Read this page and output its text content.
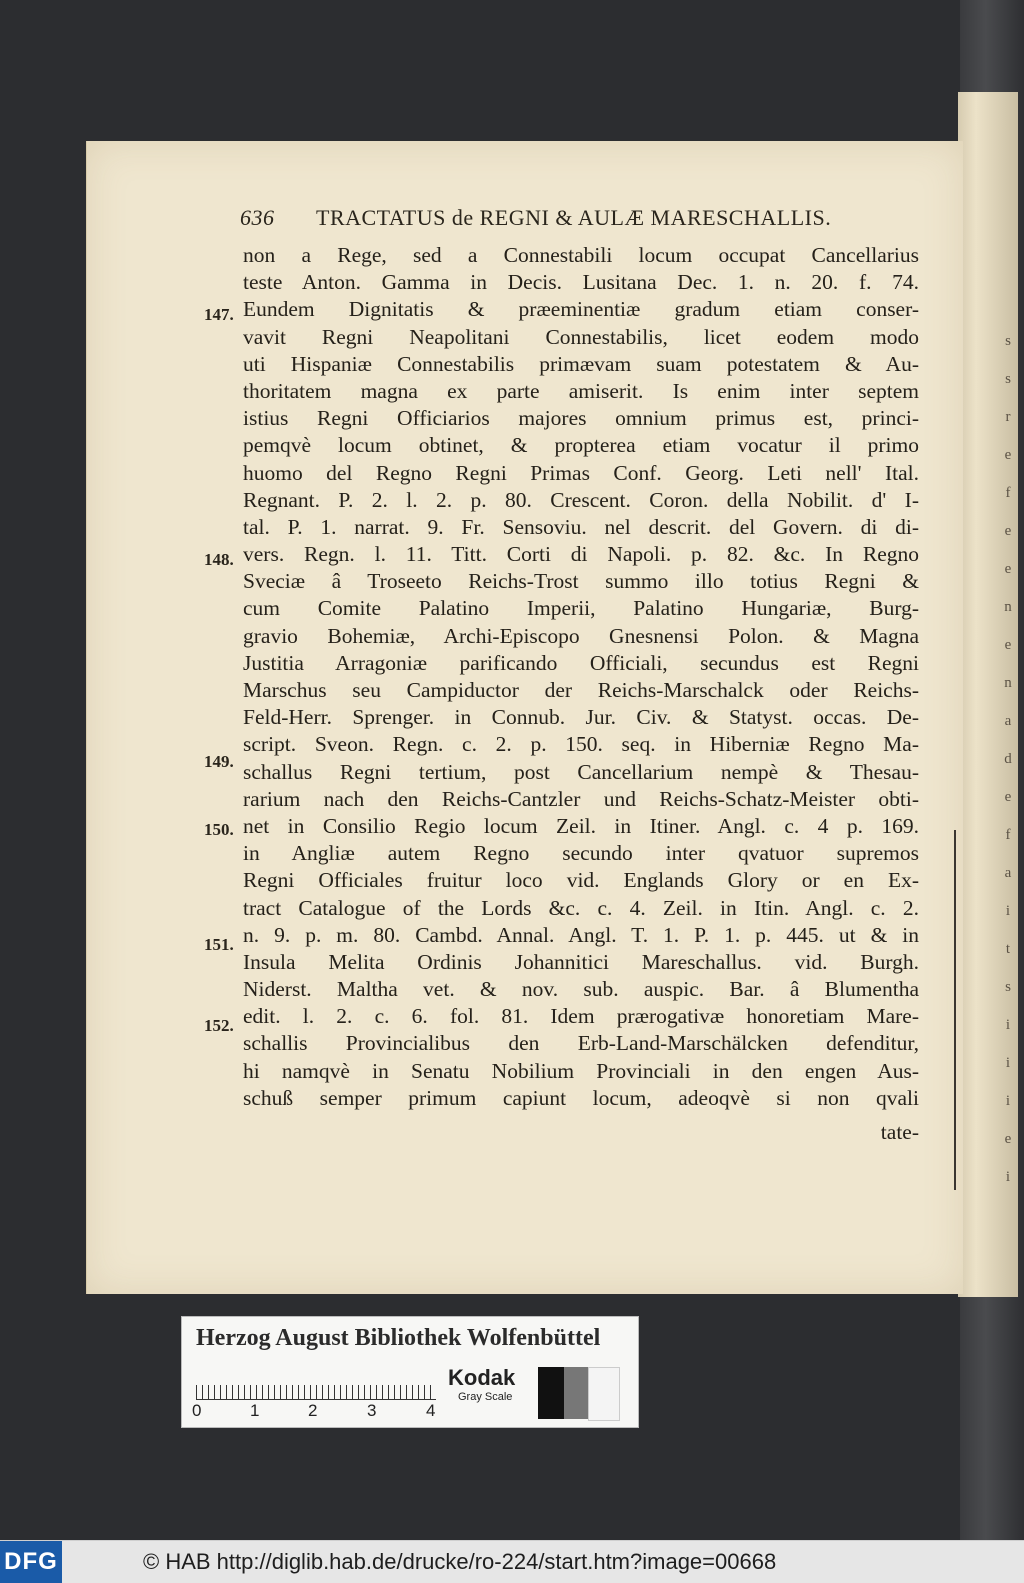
s
s
r
e
f
e
e
n
e
n
a
d
e
f
a
i
t
s
i
i
i
e
i
636 TRACTATUS de REGNI & AULÆ MARESCHALLIS.
147.
148.
149.
150.
151.
152.
non a Rege, sed a Connestabili locum occupat Cancellarius
teste Anton. Gamma in Decis. Lusitana Dec. 1. n. 20. f. 74.
Eundem Dignitatis & præeminentiæ gradum etiam conser-
vavit Regni Neapolitani Connestabilis, licet eodem modo
uti Hispaniæ Connestabilis primævam suam potestatem & Au-
thoritatem magna ex parte amiserit. Is enim inter septem
istius Regni Officiarios majores omnium primus est, princi-
pemqvè locum obtinet, & propterea etiam vocatur il primo
huomo del Regno Regni Primas Conf. Georg. Leti nell' Ital.
Regnant. P. 2. l. 2. p. 80. Crescent. Coron. della Nobilit. d' I-
tal. P. 1. narrat. 9. Fr. Sensoviu. nel descrit. del Govern. di di-
vers. Regn. l. 11. Titt. Corti di Napoli. p. 82. &c. In Regno
Sveciæ â Troseeto Reichs-Trost summo illo totius Regni &
cum Comite Palatino Imperii, Palatino Hungariæ, Burg-
gravio Bohemiæ, Archi-Episcopo Gnesnensi Polon. & Magna
Justitia Arragoniæ parificando Officiali, secundus est Regni
Marschus seu Campiductor der Reichs-Marschalck oder Reichs-
Feld-Herr. Sprenger. in Connub. Jur. Civ. & Statyst. occas. De-
script. Sveon. Regn. c. 2. p. 150. seq. in Hiberniæ Regno Ma-
schallus Regni tertium, post Cancellarium nempè & Thesau-
rarium nach den Reichs-Cantzler und Reichs-Schatz-Meister obti-
net in Consilio Regio locum Zeil. in Itiner. Angl. c. 4 p. 169.
in Angliæ autem Regno secundo inter qvatuor supremos
Regni Officiales fruitur loco vid. Englands Glory or en Ex-
tract Catalogue of the Lords &c. c. 4. Zeil. in Itin. Angl. c. 2.
n. 9. p. m. 80. Cambd. Annal. Angl. T. 1. P. 1. p. 445. ut & in
Insula Melita Ordinis Johannitici Mareschallus. vid. Burgh.
Niderst. Maltha vet. & nov. sub. auspic. Bar. â Blumentha
edit. l. 2. c. 6. fol. 81. Idem prærogativæ honoretiam Mare-
schallis Provincialibus den Erb-Land-Marschälcken defenditur,
hi namqvè in Senatu Nobilium Provinciali in den engen Aus-
schuß semper primum capiunt locum, adeoqvè si non qvali
tate-
Herzog August Bibliothek Wolfenbüttel
0	1	2	3	4
Kodak
Gray Scale
DFG	© HAB http://diglib.hab.de/drucke/ro-224/start.htm?image=00668
